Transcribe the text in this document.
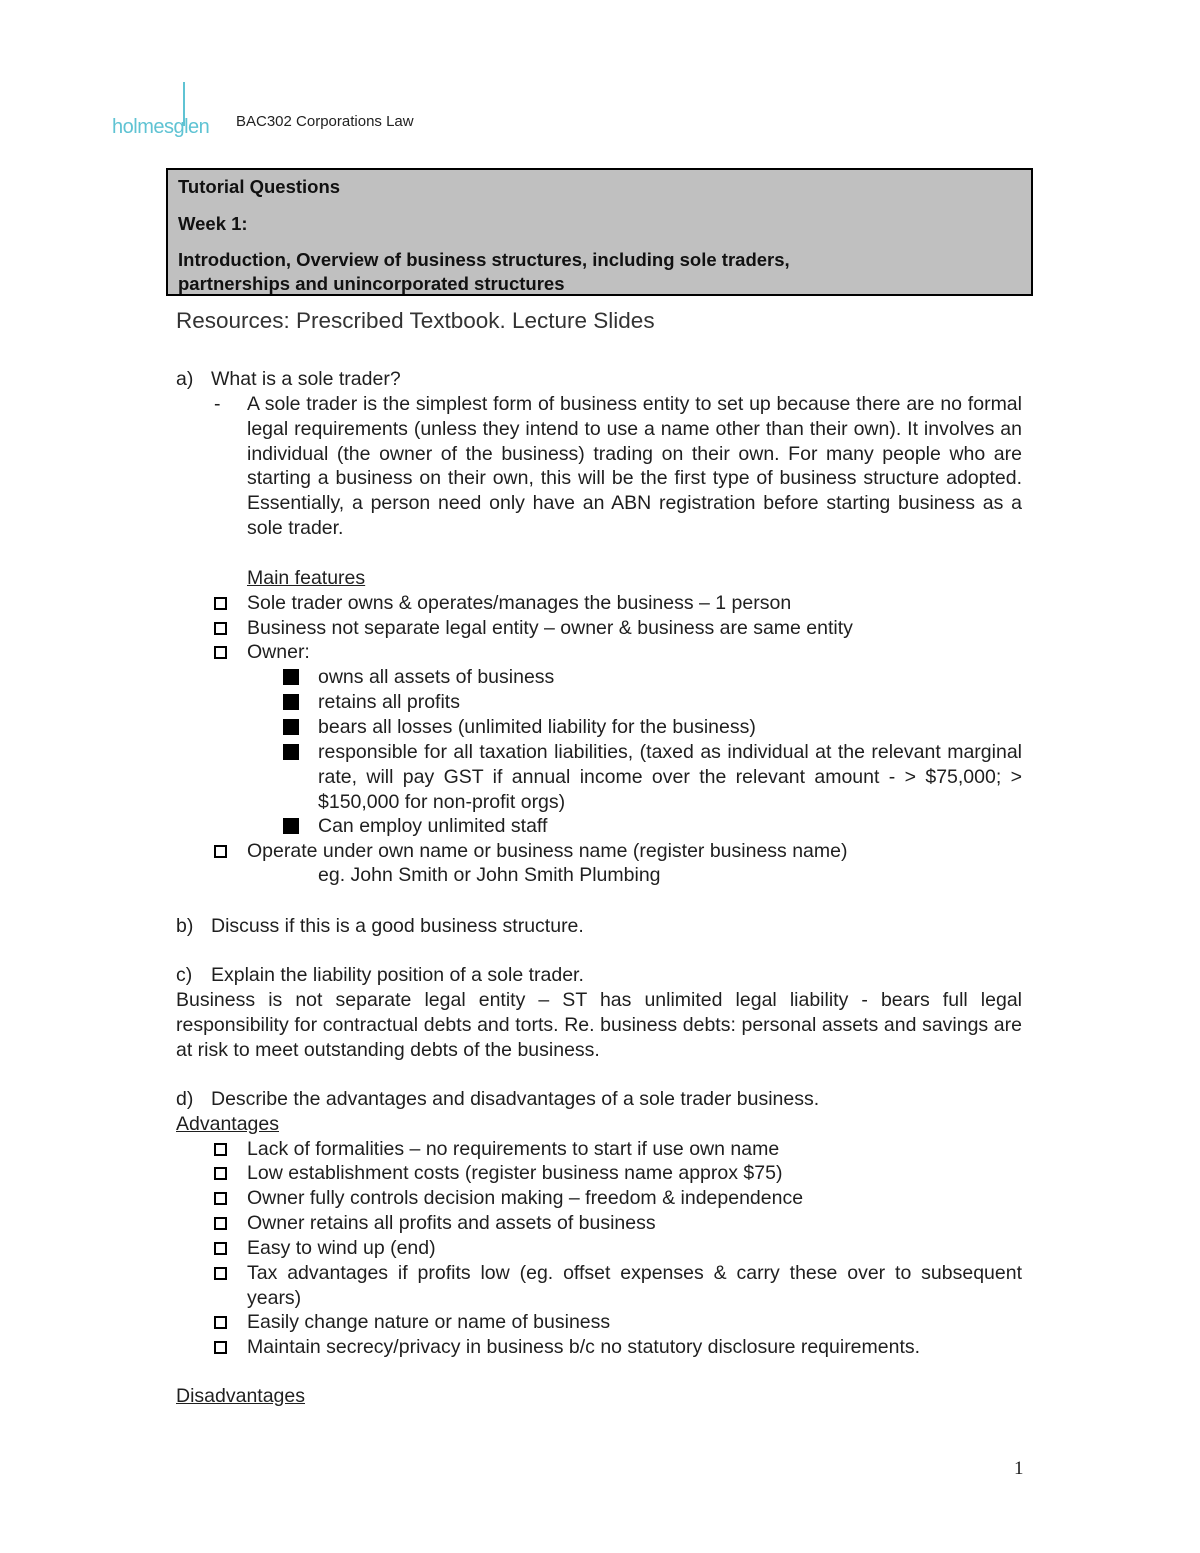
holmesglen BAC302 Corporations Law
Tutorial Questions
Week 1:
Introduction, Overview of business structures, including sole traders,
partnerships and unincorporated structures
Resources: Prescribed Textbook. Lecture Slides
a) What is a sole trader?
- A sole trader is the simplest form of business entity to set up because there are no formal legal requirements (unless they intend to use a name other than their own). It involves an individual (the owner of the business) trading on their own. For many people who are starting a business on their own, this will be the first type of business structure adopted. Essentially, a person need only have an ABN registration before starting business as a sole trader.
Main features
Sole trader owns & operates/manages the business – 1 person
Business not separate legal entity – owner & business are same entity
Owner:
owns all assets of business
retains all profits
bears all losses (unlimited liability for the business)
responsible for all taxation liabilities, (taxed as individual at the relevant marginal rate, will pay GST if annual income over the relevant amount - > $75,000; > $150,000 for non-profit orgs)
Can employ unlimited staff
Operate under own name or business name (register business name)
eg. John Smith or John Smith Plumbing
b) Discuss if this is a good business structure.
c) Explain the liability position of a sole trader.
Business is not separate legal entity – ST has unlimited legal liability - bears full legal responsibility for contractual debts and torts. Re. business debts: personal assets and savings are at risk to meet outstanding debts of the business.
d) Describe the advantages and disadvantages of a sole trader business.
Advantages
Lack of formalities – no requirements to start if use own name
Low establishment costs (register business name approx $75)
Owner fully controls decision making – freedom & independence
Owner retains all profits and assets of business
Easy to wind up (end)
Tax advantages if profits low (eg. offset expenses & carry these over to subsequent years)
Easily change nature or name of business
Maintain secrecy/privacy in business b/c no statutory disclosure requirements.
Disadvantages
1
